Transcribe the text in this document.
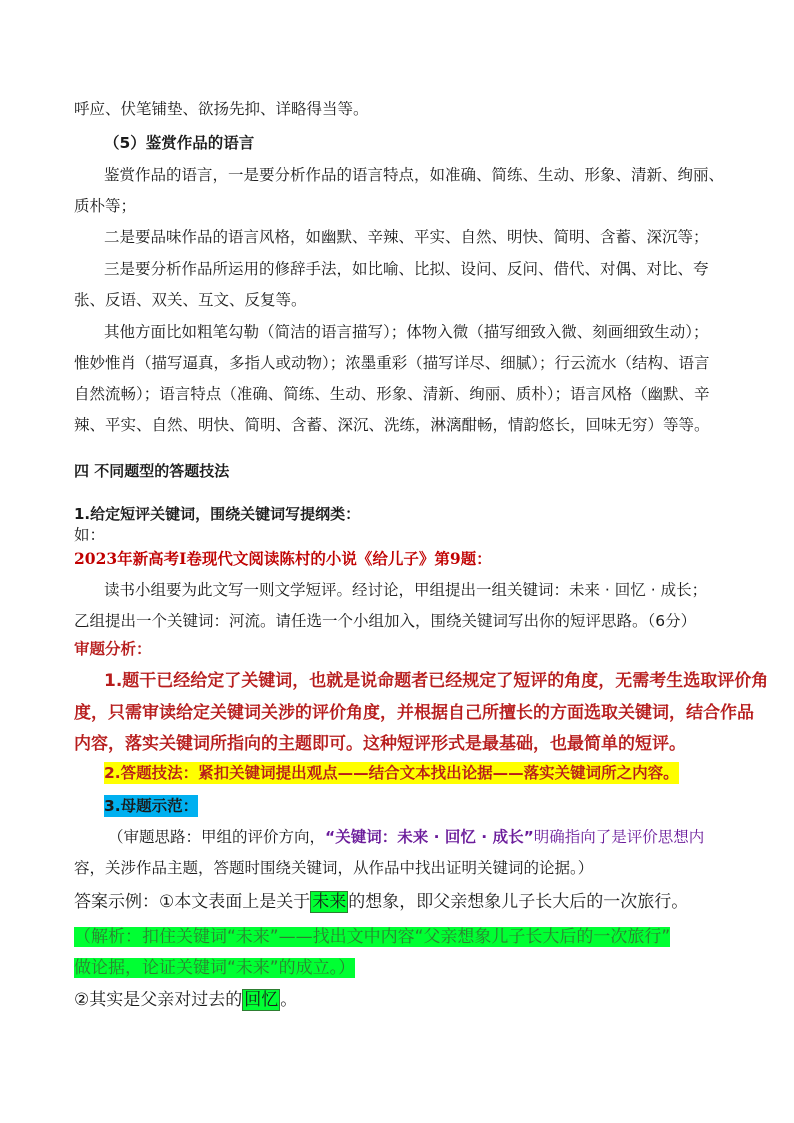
呼应、伏笔铺垫、欲扬先抑、详略得当等。
（5）鉴赏作品的语言
鉴赏作品的语言，一是要分析作品的语言特点，如准确、简练、生动、形象、清新、绚丽、
质朴等；
二是要品味作品的语言风格，如幽默、辛辣、平实、自然、明快、简明、含蓄、深沉等；
三是要分析作品所运用的修辞手法，如比喻、比拟、设问、反问、借代、对偶、对比、夸
张、反语、双关、互文、反复等。
其他方面比如粗笔勾勒（简洁的语言描写）；体物入微（描写细致入微、刻画细致生动）；
惟妙惟肖（描写逼真，多指人或动物）；浓墨重彩（描写详尽、细腻）；行云流水（结构、语言
自然流畅）；语言特点（准确、简练、生动、形象、清新、绚丽、质朴）；语言风格（幽默、辛
辣、平实、自然、明快、简明、含蓄、深沉、洗练，淋漓酣畅，情韵悠长，回味无穷）等等。
四 不同题型的答题技法
1.给定短评关键词，围绕关键词写提纲类：
如：
2023年新高考Ⅰ卷现代文阅读陈村的小说《给儿子》第9题：
读书小组要为此文写一则文学短评。经讨论，甲组提出一组关键词：未来 · 回忆 · 成长；
乙组提出一个关键词：河流。请任选一个小组加入，围绕关键词写出你的短评思路。（6分）
审题分析：
1.题干已经给定了关键词，也就是说命题者已经规定了短评的角度，无需考生选取评价角
度，只需审读给定关键词关涉的评价角度，并根据自己所擅长的方面选取关键词，结合作品
内容，落实关键词所指向的主题即可。这种短评形式是最基础，也最简单的短评。
2.答题技法：紧扣关键词提出观点——结合文本找出论据——落实关键词所之内容。
3.母题示范：
（审题思路：甲组的评价方向，“关键词：未来 · 回忆 · 成长”明确指向了是评价思想内
容，关涉作品主题，答题时围绕关键词，从作品中找出证明关键词的论据。）
答案示例：①本文表面上是关于 未来 的想象，即父亲想象儿子长大后的一次旅行。
（解析：扣住关键词“未来”——找出文中内容“父亲想象儿子长大后的一次旅行”
做论据，论证关键词“未来”的成立。）
②其实是父亲对过去的 回忆 。
